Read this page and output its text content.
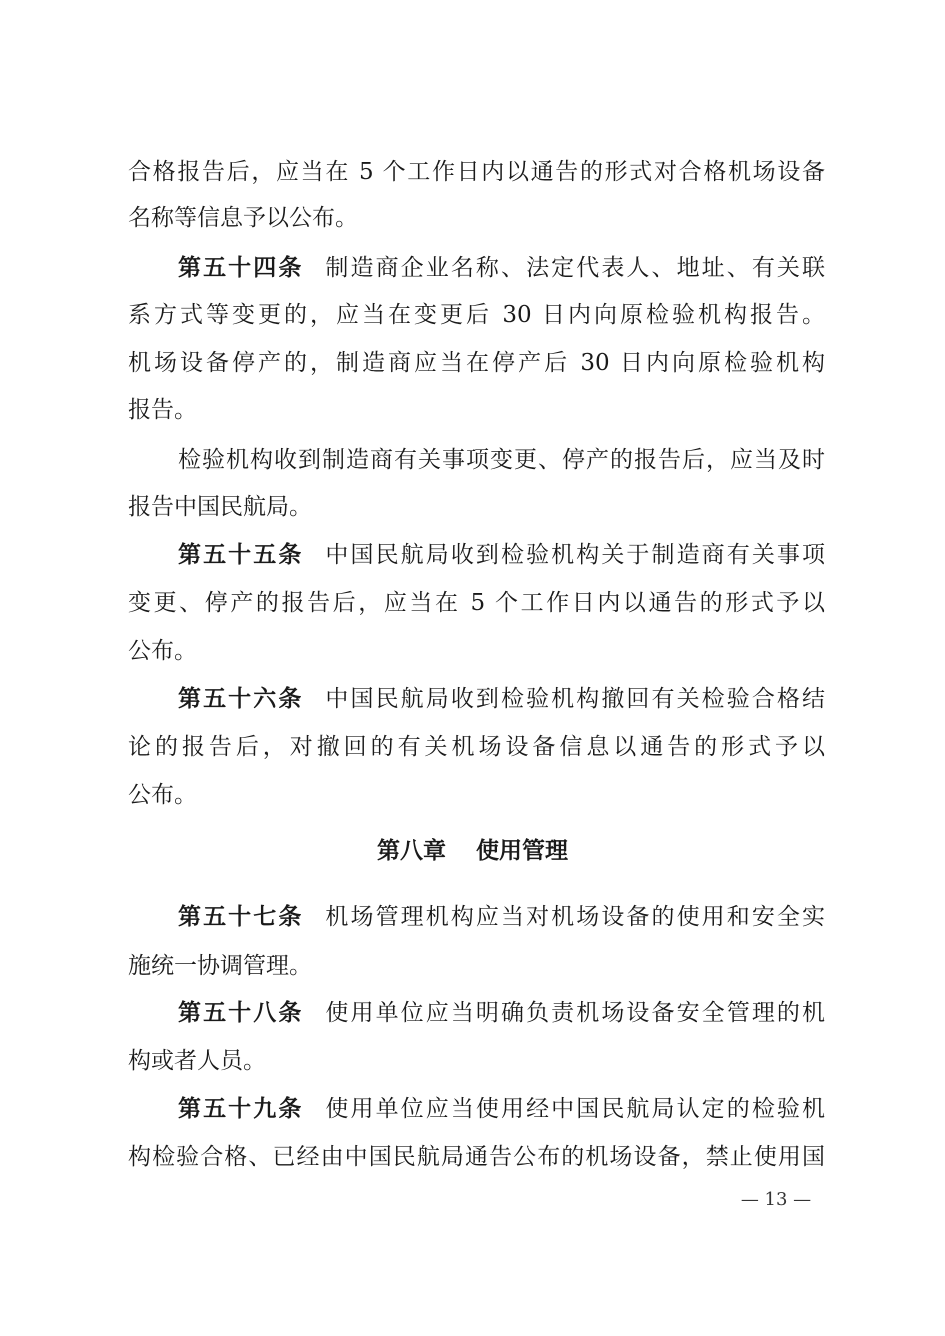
合格报告后，应当在 5 个工作日内以通告的形式对合格机场设备
名称等信息予以公布。
第五十四条 制造商企业名称、法定代表人、地址、有关联
系方式等变更的，应当在变更后 30 日内向原检验机构报告。
机场设备停产的，制造商应当在停产后 30 日内向原检验机构
报告。
检验机构收到制造商有关事项变更、停产的报告后，应当及时
报告中国民航局。
第五十五条 中国民航局收到检验机构关于制造商有关事项
变更、停产的报告后，应当在 5 个工作日内以通告的形式予以
公布。
第五十六条 中国民航局收到检验机构撤回有关检验合格结
论的报告后，对撤回的有关机场设备信息以通告的形式予以
公布。
第八章 使用管理
第五十七条 机场管理机构应当对机场设备的使用和安全实
施统一协调管理。
第五十八条 使用单位应当明确负责机场设备安全管理的机
构或者人员。
第五十九条 使用单位应当使用经中国民航局认定的检验机
构检验合格、已经由中国民航局通告公布的机场设备，禁止使用国
— 13 —
